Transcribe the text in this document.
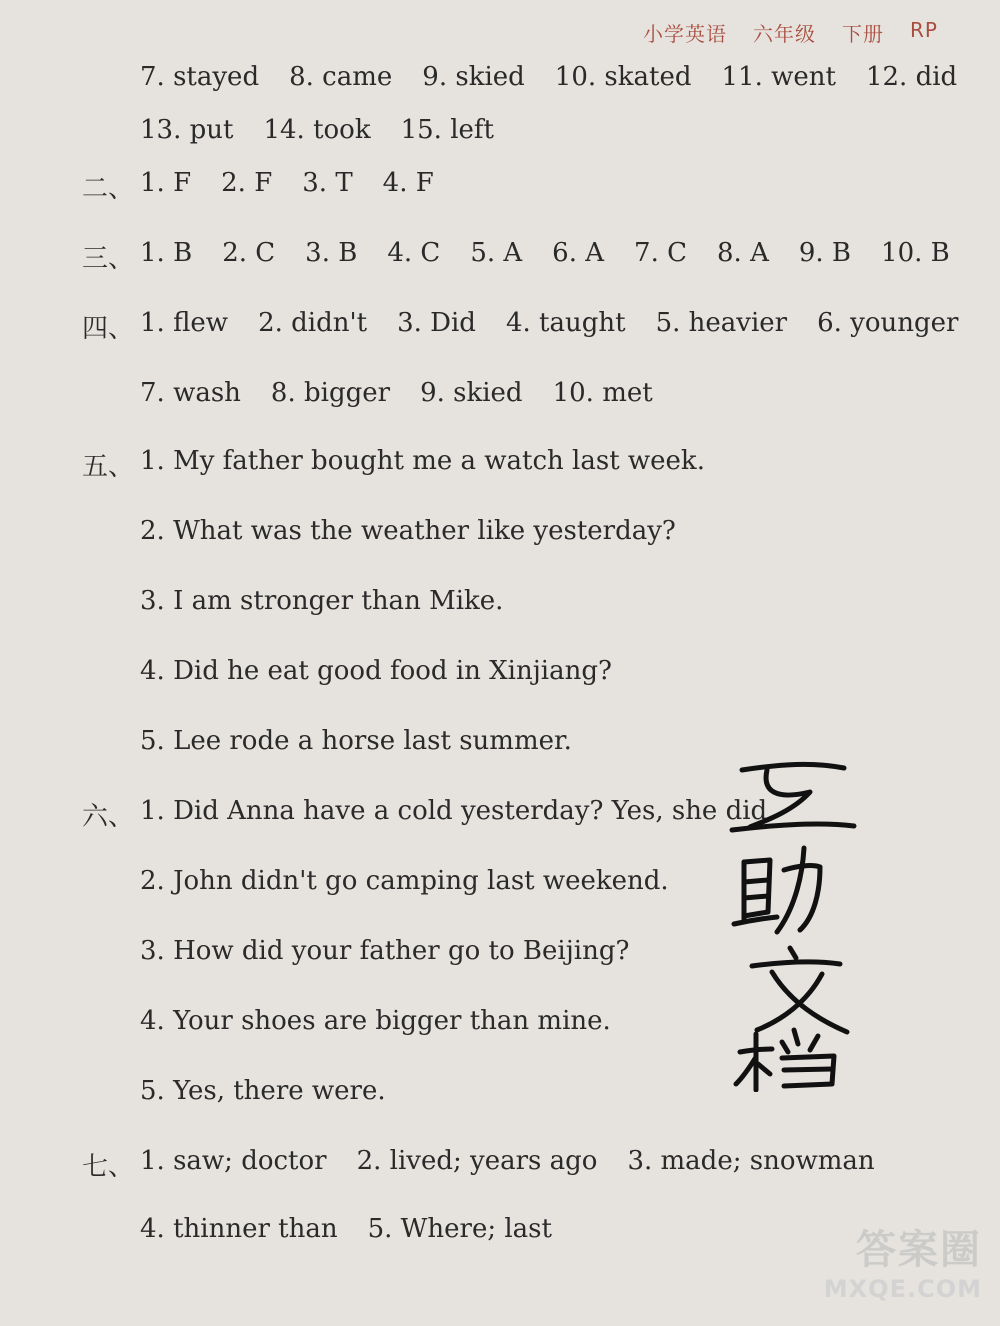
小学英语 六年级 下册 RP
7. stayed 8. came 9. skied 10. skated 11. went 12. did
13. put 14. took 15. left
二、 1. F 2. F 3. T 4. F
三、 1. B 2. C 3. B 4. C 5. A 6. A 7. C 8. A 9. B 10. B
四、 1. flew 2. didn't 3. Did 4. taught 5. heavier 6. younger
7. wash 8. bigger 9. skied 10. met
五、 1. My father bought me a watch last week.
2. What was the weather like yesterday?
3. I am stronger than Mike.
4. Did he eat good food in Xinjiang?
5. Lee rode a horse last summer.
六、 1. Did Anna have a cold yesterday? Yes, she did.
2. John didn't go camping last weekend.
3. How did your father go to Beijing?
4. Your shoes are bigger than mine.
5. Yes, there were.
七、 1. saw; doctor 2. lived; years ago 3. made; snowman
4. thinner than 5. Where; last	答案圈
MXQE.COM
